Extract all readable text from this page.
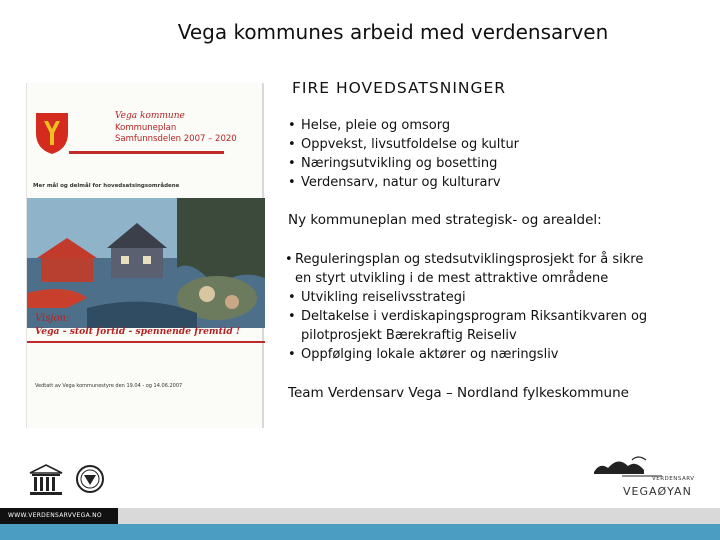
Vega kommunes arbeid med verdensarven
Vega kommune
Kommuneplan
Samfunnsdelen 2007 – 2020
Mer mål og delmål for hovedsatsingsområdene
Visjon:
Vega - stolt fortid - spennende fremtid !
Vedtatt av Vega kommunestyre den 19.04 - og 14.06.2007
FIRE HOVEDSATSNINGER
• Helse, pleie og omsorg
• Oppvekst, livsutfoldelse og kultur
• Næringsutvikling og bosetting
• Verdensarv, natur og kulturarv
Ny kommuneplan med strategisk- og arealdel:
• Reguleringsplan og stedsutviklingsprosjekt for å sikre
en styrt utvikling i de mest attraktive områdene
• Utvikling reiselivsstrategi
• Deltakelse i verdiskapingsprogram Riksantikvaren og
pilotprosjekt Bærekraftig Reiseliv
• Oppfølging lokale aktører og næringsliv
Team Verdensarv Vega – Nordland fylkeskommune
VERDENSARV
VEGAØYAN
WWW.VERDENSARVVEGA.NO
